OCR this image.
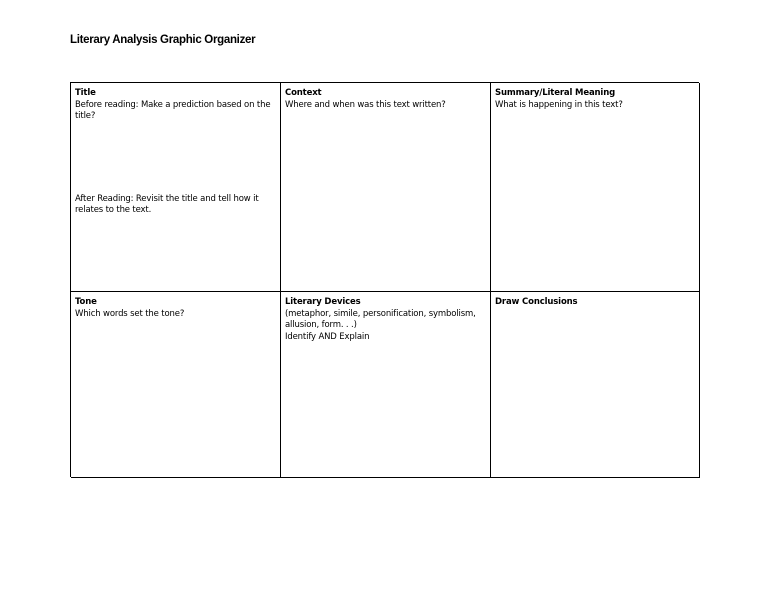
Literary Analysis Graphic Organizer
Title
Before reading: Make a prediction based on the title?
After Reading: Revisit the title and tell how it relates to the text.
Context
Where and when was this text written?
Summary/Literal Meaning
What is happening in this text?
Tone
Which words set the tone?
Literary Devices
(metaphor, simile, personification, symbolism, allusion, form. . .)
Identify AND Explain
Draw Conclusions
